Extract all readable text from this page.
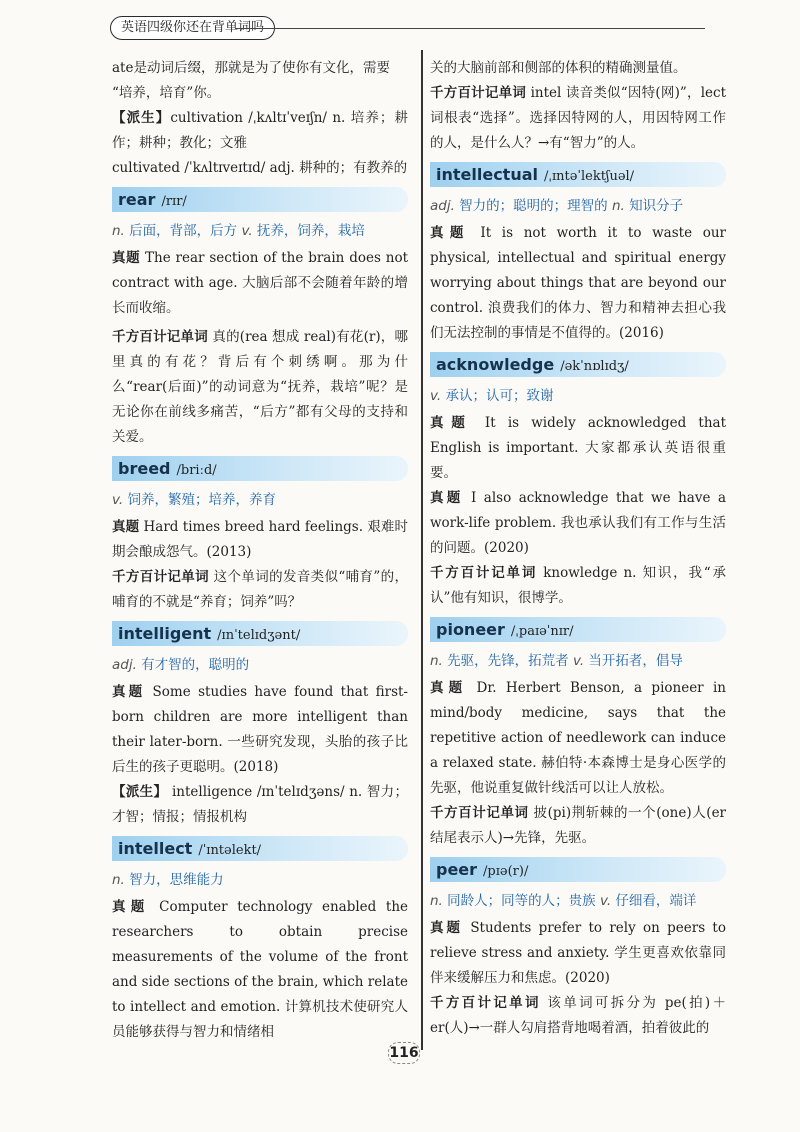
英语四级你还在背单词吗

ate是动词后缀，那就是为了使你有文化，需要
“培养，培育”你。

【派生】cultivation /ˌkʌltɪˈveɪʃn/ n. 培养；耕作；耕种；教化；文雅

cultivated /ˈkʌltɪveɪtɪd/ adj. 耕种的；有教养的

rear /rɪr/
n. 后面，背部，后方 v. 抚养，饲养，栽培

真题 The rear section of the brain does not contract with age. 大脑后部不会随着年龄的增长而收缩。

千方百计记单词 真的(rea 想成 real)有花(r)，哪里真的有花？背后有个刺绣啊。那为什么“rear(后面)”的动词意为“抚养，栽培”呢？是无论你在前线多痛苦，“后方”都有父母的支持和关爱。

breed /briːd/
v. 饲养，繁殖；培养，养育

真题 Hard times breed hard feelings. 艰难时期会酿成怨气。(2013)

千方百计记单词 这个单词的发音类似“哺育”的，哺育的不就是“养育；饲养”吗？

intelligent /ɪnˈtelɪdʒənt/
adj. 有才智的，聪明的

真题 Some studies have found that first-born children are more intelligent than their later-born. 一些研究发现，头胎的孩子比后生的孩子更聪明。(2018)

【派生】 intelligence /ɪnˈtelɪdʒəns/ n. 智力；才智；情报；情报机构

intellect /ˈɪntəlekt/
n. 智力，思维能力

真题 Computer technology enabled the researchers to obtain precise measurements of the volume of the front and side sections of the brain, which relate to intellect and emotion. 计算机技术使研究人员能够获得与智力和情绪相

关的大脑前部和侧部的体积的精确测量值。

千方百计记单词 intel 读音类似“因特(网)”，lect 词根表“选择”。选择因特网的人，用因特网工作的人，是什么人？→有“智力”的人。

intellectual /ˌɪntəˈlektʃuəl/
adj. 智力的；聪明的；理智的 n. 知识分子

真题 It is not worth it to waste our physical, intellectual and spiritual energy worrying about things that are beyond our control. 浪费我们的体力、智力和精神去担心我们无法控制的事情是不值得的。(2016)

acknowledge /əkˈnɒlɪdʒ/
v. 承认；认可；致谢

真题 It is widely acknowledged that English is important. 大家都承认英语很重要。

真题 I also acknowledge that we have a work-life problem. 我也承认我们有工作与生活的问题。(2020)

千方百计记单词 knowledge n. 知识，我“承认”他有知识，很博学。

pioneer /ˌpaɪəˈnɪr/
n. 先驱，先锋，拓荒者 v. 当开拓者，倡导

真题 Dr. Herbert Benson, a pioneer in mind/body medicine, says that the repetitive action of needlework can induce a relaxed state. 赫伯特·本森博士是身心医学的先驱，他说重复做针线活可以让人放松。

千方百计记单词 披(pi)荆斩棘的一个(one)人(er 结尾表示人)→先锋，先驱。

peer /pɪə(r)/
n. 同龄人；同等的人；贵族 v. 仔细看，端详

真题 Students prefer to rely on peers to relieve stress and anxiety. 学生更喜欢依靠同伴来缓解压力和焦虑。(2020)

千方百计记单词 该单词可拆分为 pe(拍)＋er(人)→一群人勾肩搭背地喝着酒，拍着彼此的

116
